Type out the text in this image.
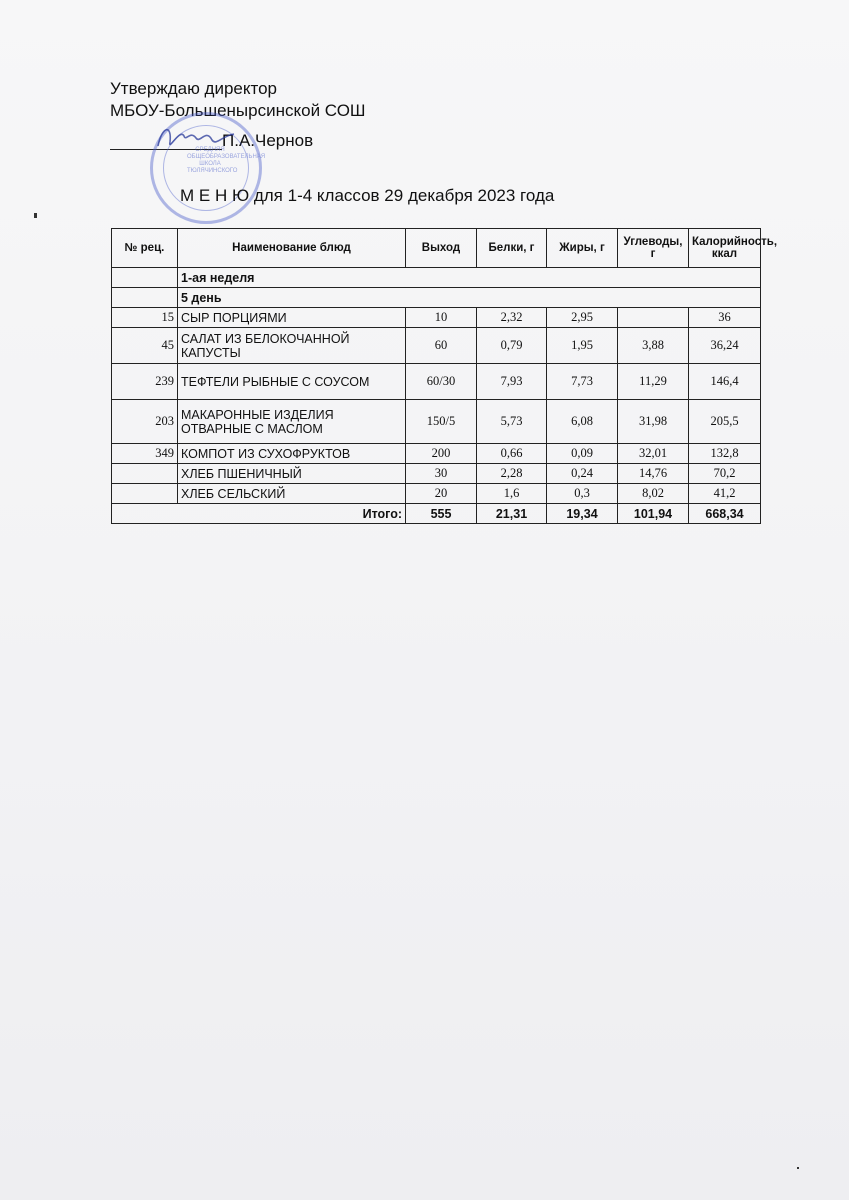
Утверждаю директор
МБОУ-Большенырсинской СОШ
П.А.Чернов
СРЕДНЯЯ ОБЩЕОБРАЗОВАТЕЛЬНАЯ ШКОЛА ТЮЛЯЧИНСКОГО
М Е Н Ю для 1-4 классов 29 декабря 2023 года
№ рец.	Наименование блюд	Выход	Белки, г	Жиры, г	Углеводы, г	Калорийность, ккал
	1-ая неделя					
	5 день					
15	СЫР ПОРЦИЯМИ	10	2,32	2,95		36
45	САЛАТ ИЗ БЕЛОКОЧАННОЙ КАПУСТЫ	60	0,79	1,95	3,88	36,24
239	ТЕФТЕЛИ РЫБНЫЕ С СОУСОМ	60/30	7,93	7,73	11,29	146,4
203	МАКАРОННЫЕ ИЗДЕЛИЯ ОТВАРНЫЕ С МАСЛОМ	150/5	5,73	6,08	31,98	205,5
349	КОМПОТ ИЗ СУХОФРУКТОВ	200	0,66	0,09	32,01	132,8
	ХЛЕБ ПШЕНИЧНЫЙ	30	2,28	0,24	14,76	70,2
	ХЛЕБ СЕЛЬСКИЙ	20	1,6	0,3	8,02	41,2
Итого:		555	21,31	19,34	101,94	668,34
